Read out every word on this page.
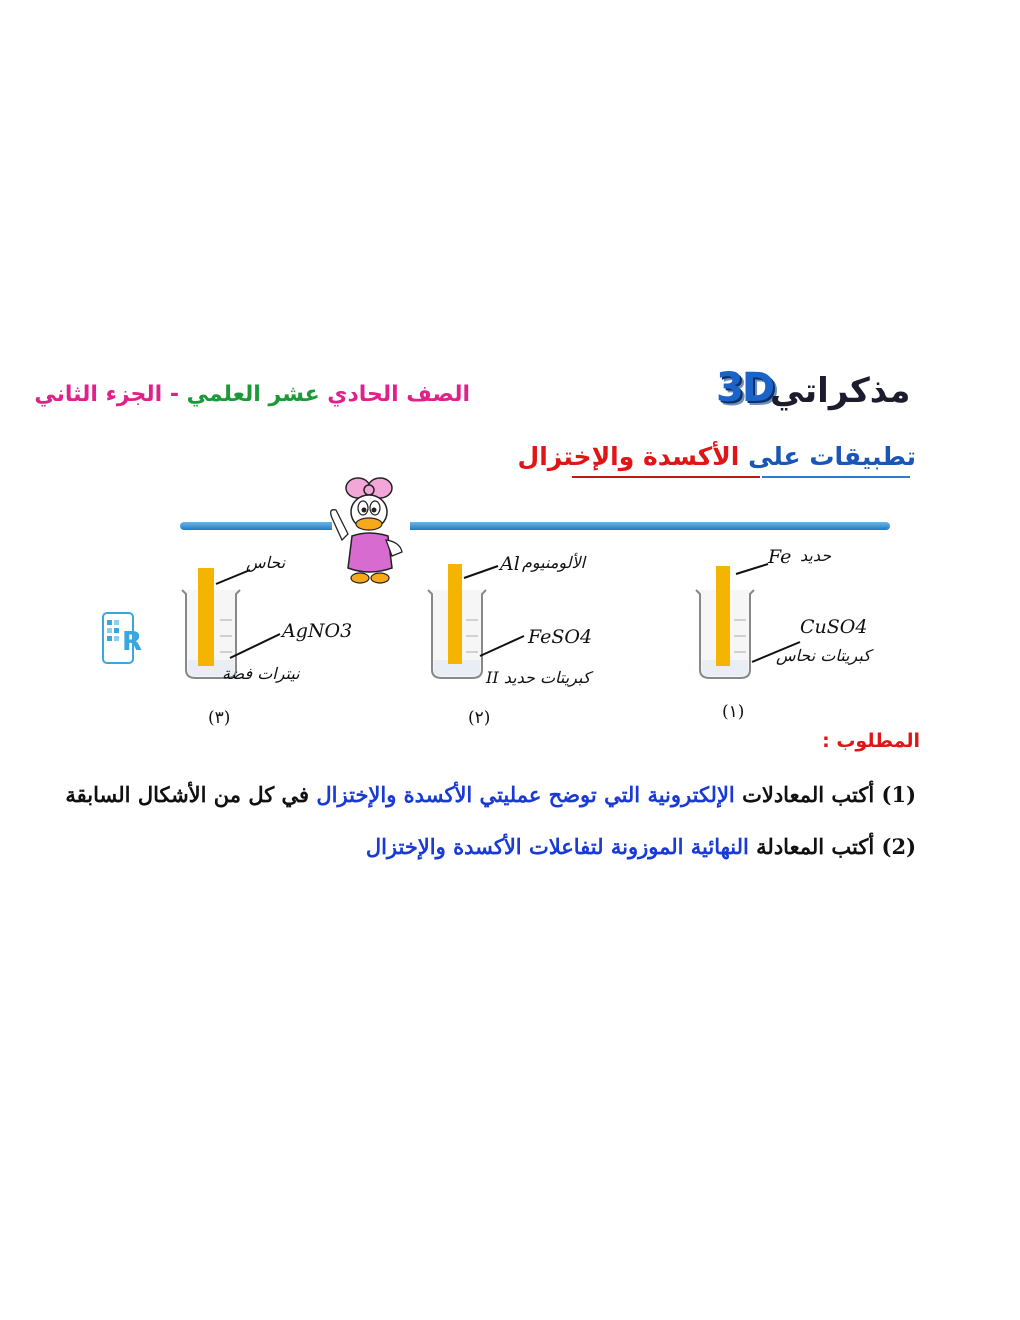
3D
مذكراتي
الصف الحادي عشر العلمي - الجزء الثاني
تطبيقات على الأكسدة والإختزال
R
Fe حديد
CuSO4
كبريتات نحاس
(١)
Al الألومنيوم
FeSO4
كبريتات حديد II
(٢)
نحاس
AgNO3
نيترات فضة
(٣)
المطلوب :
(1) أكتب المعادلات الإلكترونية التي توضح عمليتي الأكسدة والإختزال في كل من الأشكال السابقة
(2) أكتب المعادلة النهائية الموزونة لتفاعلات الأكسدة والإختزال
